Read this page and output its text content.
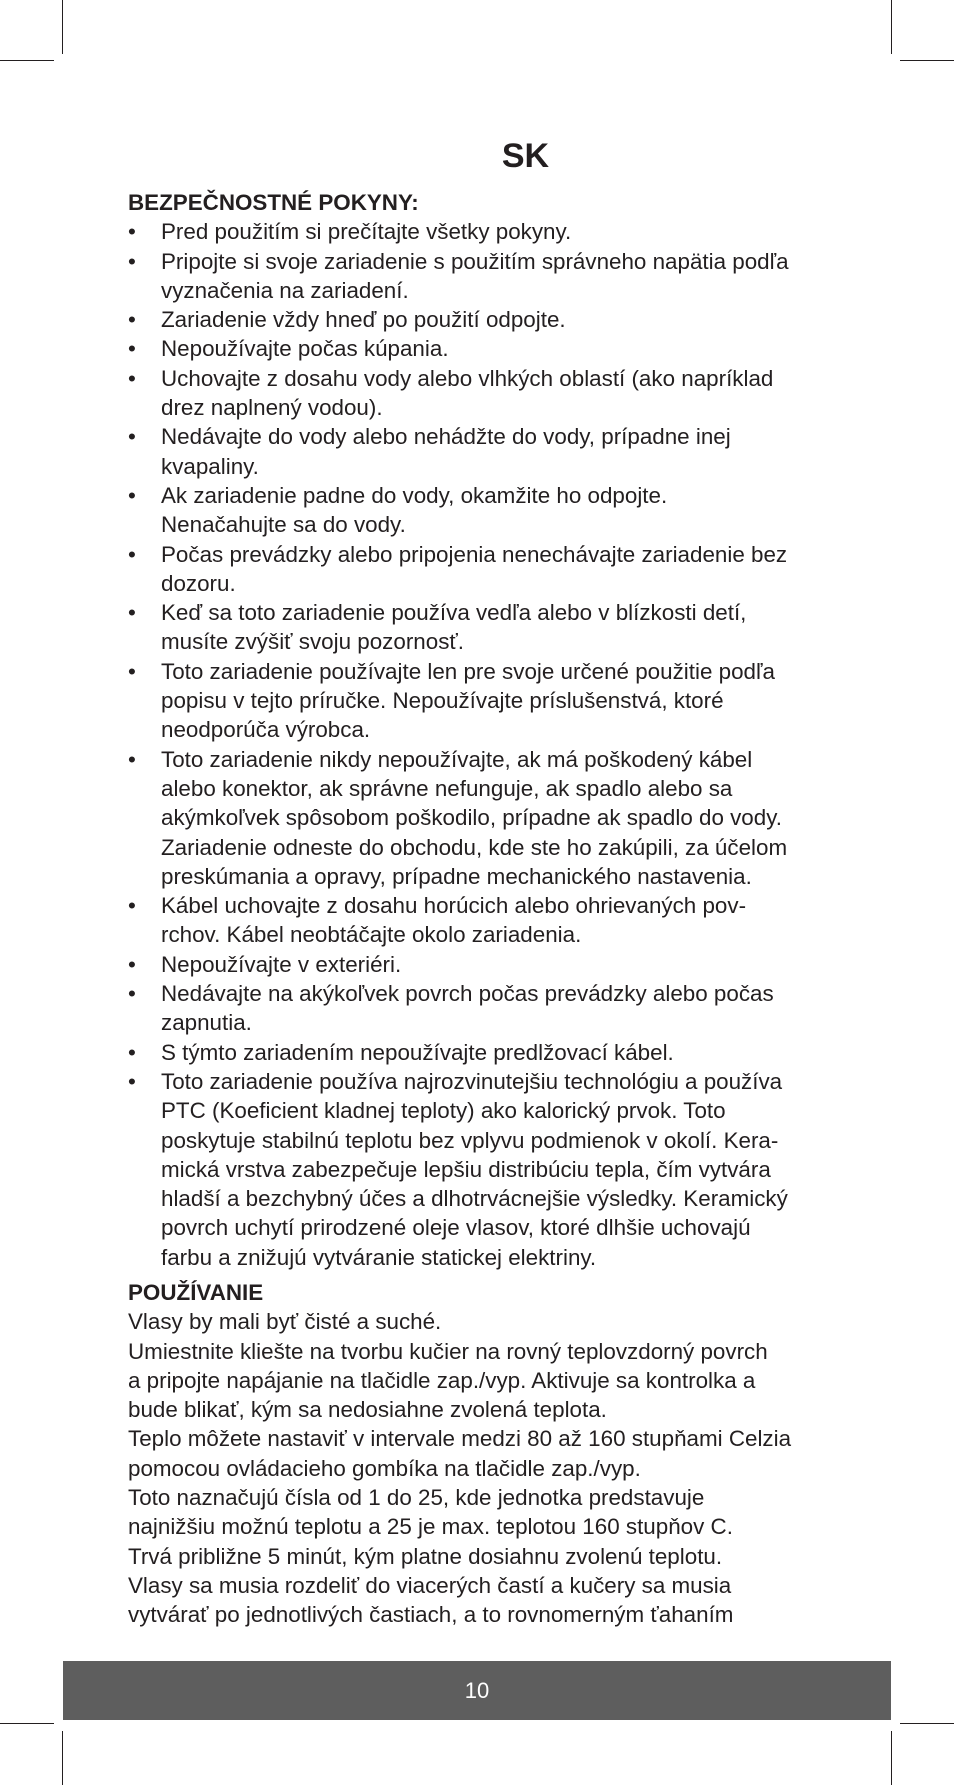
SK
BEZPEČNOSTNÉ POKYNY:
• Pred použitím si prečítajte všetky pokyny.
• Pripojte si svoje zariadenie s použitím správneho napätia podľa
vyznačenia na zariadení.
• Zariadenie vždy hneď po použití odpojte.
• Nepoužívajte počas kúpania.
• Uchovajte z dosahu vody alebo vlhkých oblastí (ako napríklad
drez naplnený vodou).
• Nedávajte do vody alebo nehádžte do vody, prípadne inej
kvapaliny.
• Ak zariadenie padne do vody, okamžite ho odpojte.
Nenačahujte sa do vody.
• Počas prevádzky alebo pripojenia nenechávajte zariadenie bez
dozoru.
• Keď sa toto zariadenie používa vedľa alebo v blízkosti detí,
musíte zvýšiť svoju pozornosť.
• Toto zariadenie používajte len pre svoje určené použitie podľa
popisu v tejto príručke. Nepoužívajte príslušenstvá, ktoré
neodporúča výrobca.
• Toto zariadenie nikdy nepoužívajte, ak má poškodený kábel
alebo konektor, ak správne nefunguje, ak spadlo alebo sa
akýmkoľvek spôsobom poškodilo, prípadne ak spadlo do vody.
Zariadenie odneste do obchodu, kde ste ho zakúpili, za účelom
preskúmania a opravy, prípadne mechanického nastavenia.
• Kábel uchovajte z dosahu horúcich alebo ohrievaných pov-
rchov. Kábel neobtáčajte okolo zariadenia.
• Nepoužívajte v exteriéri.
• Nedávajte na akýkoľvek povrch počas prevádzky alebo počas
zapnutia.
• S týmto zariadením nepoužívajte predlžovací kábel.
• Toto zariadenie používa najrozvinutejšiu technológiu a používa
PTC (Koeficient kladnej teploty) ako kalorický prvok. Toto
poskytuje stabilnú teplotu bez vplyvu podmienok v okolí. Kera-
mická vrstva zabezpečuje lepšiu distribúciu tepla, čím vytvára
hladší a bezchybný účes a dlhotrvácnejšie výsledky. Keramický
povrch uchytí prirodzené oleje vlasov, ktoré dlhšie uchovajú
farbu a znižujú vytváranie statickej elektriny.
POUŽÍVANIE
Vlasy by mali byť čisté a suché.
Umiestnite kliešte na tvorbu kučier na rovný teplovzdorný povrch
a pripojte napájanie na tlačidle zap./vyp. Aktivuje sa kontrolka a
bude blikať, kým sa nedosiahne zvolená teplota.
Teplo môžete nastaviť v intervale medzi 80 až 160 stupňami Celzia
pomocou ovládacieho gombíka na tlačidle zap./vyp.
Toto naznačujú čísla od 1 do 25, kde jednotka predstavuje
najnižšiu možnú teplotu a 25 je max. teplotou 160 stupňov C.
Trvá približne 5 minút, kým platne dosiahnu zvolenú teplotu.
Vlasy sa musia rozdeliť do viacerých častí a kučery sa musia
vytvárať po jednotlivých častiach, a to rovnomerným ťahaním
10
